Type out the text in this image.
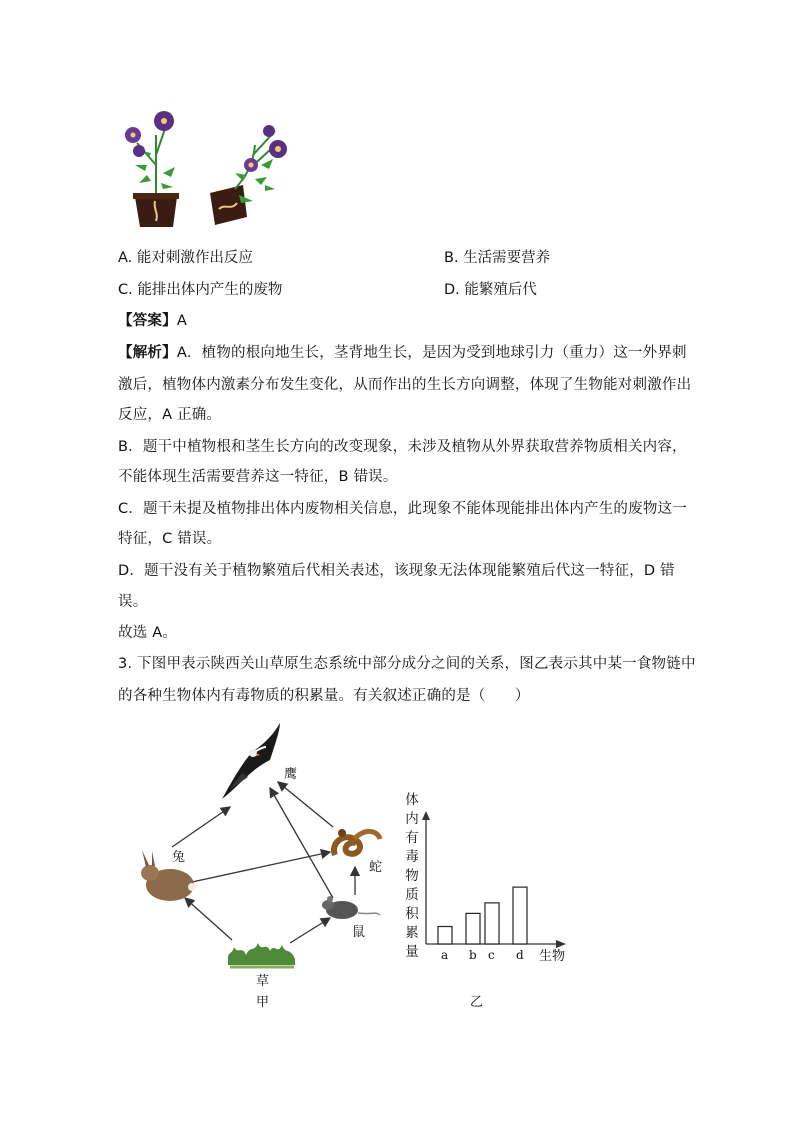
A. 能对刺激作出反应	B. 生活需要营养
C. 能排出体内产生的废物	D. 能繁殖后代
【答案】A
【解析】A．植物的根向地生长，茎背地生长，是因为受到地球引力（重力）这一外界刺
激后，植物体内激素分布发生变化，从而作出的生长方向调整，体现了生物能对刺激作出
反应，A 正确。
B．题干中植物根和茎生长方向的改变现象，未涉及植物从外界获取营养物质相关内容，
不能体现生活需要营养这一特征，B 错误。
C．题干未提及植物排出体内废物相关信息，此现象不能体现能排出体内产生的废物这一
特征，C 错误。
D．题干没有关于植物繁殖后代相关表述，该现象无法体现能繁殖后代这一特征，D 错
误。
故选 A。
3. 下图甲表示陕西关山草原生态系统中部分成分之间的关系，图乙表示其中某一食物链中
的各种生物体内有毒物质的积累量。有关叙述正确的是（　　）
鹰
兔
蛇
鼠
草
甲
体
内
有
毒
物
质
积
累
量 a b c d 生物
乙
